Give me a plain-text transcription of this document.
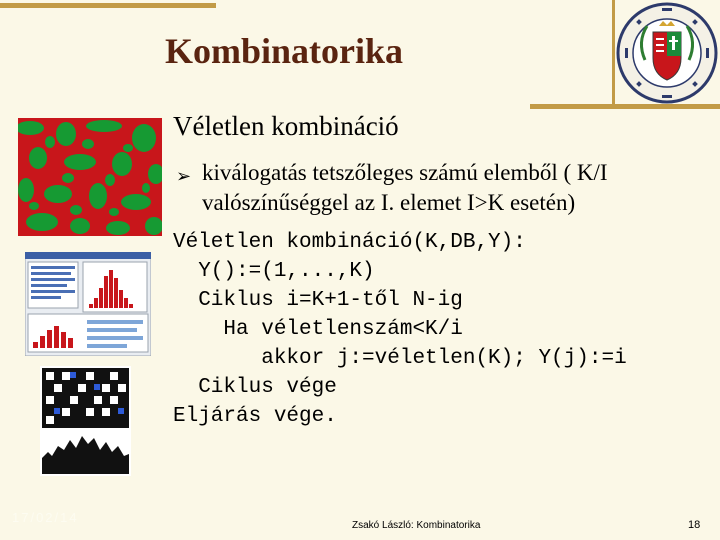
Kombinatorika
Véletlen kombináció
➢ kiválogatás tetszőleges számú elemből ( K/I valószínűséggel az I. elemet I>K esetén)
Véletlen kombináció(K,DB,Y):
Y():=(1,...,K)
Ciklus i=K+1-től N-ig
Ha véletlenszám<K/i
akkor j:=véletlen(K); Y(j):=i
Ciklus vége
Eljárás vége.
17/02/14
Zsakó László: Kombinatorika	18
